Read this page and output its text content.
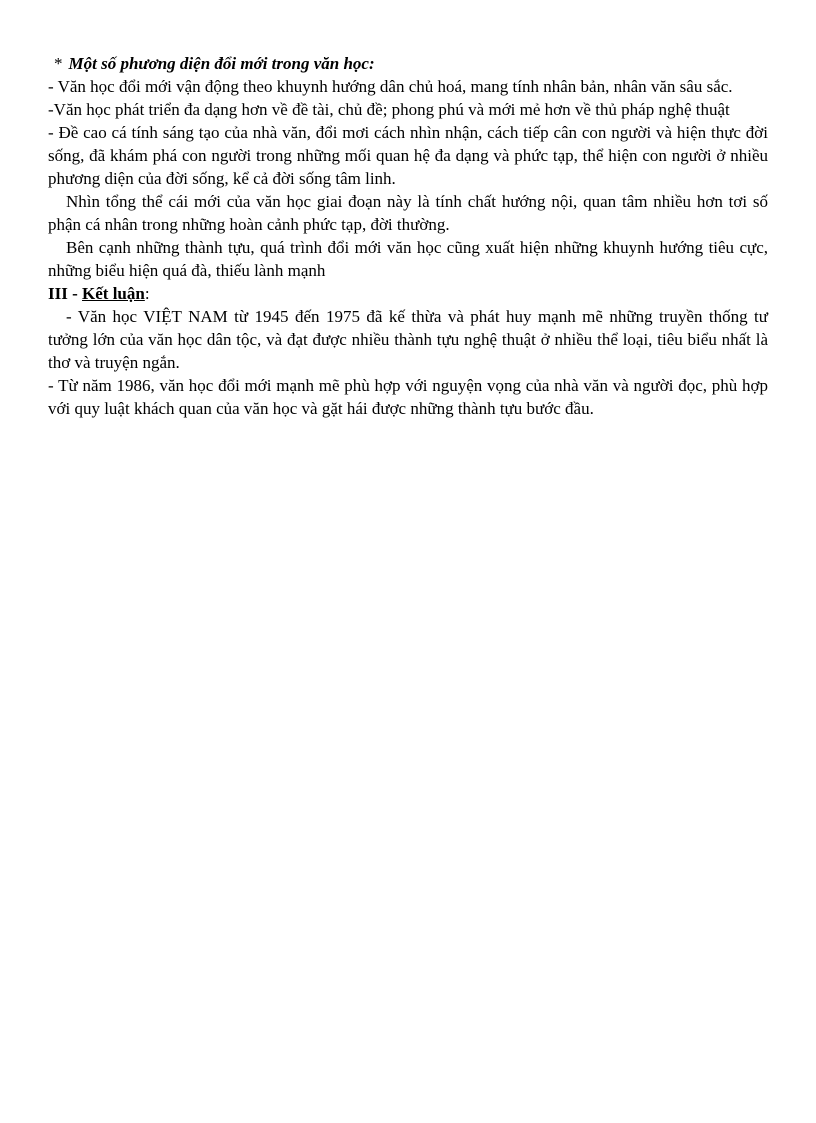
* Một số phương diện đổi mới trong văn học:

- Văn học đổi mới vận động theo khuynh hướng dân chủ hoá, mang tính nhân bản, nhân văn sâu sắc.

-Văn học phát triển đa dạng hơn về đề tài, chủ đề; phong phú và mới mẻ hơn về thủ pháp nghệ thuật

- Đề cao cá tính sáng tạo của nhà văn, đổi mơi cách nhìn nhận, cách tiếp cân con người và hiện thực đời sống, đã khám phá con người trong những mối quan hệ đa dạng và phức tạp, thể hiện con người ở nhiều phương diện của đời sống, kể cả đời sống tâm linh.

Nhìn tổng thể cái mới của văn học giai đoạn này là tính chất hướng nội, quan tâm nhiều hơn tơi số phận cá nhân trong những hoàn cảnh phức tạp, đời thường.

Bên cạnh những thành tựu, quá trình đổi mới văn học cũng xuất hiện những khuynh hướng tiêu cực, những biểu hiện quá đà, thiếu lành mạnh

III - Kết luận:

- Văn học VIỆT NAM từ 1945 đến 1975 đã kế thừa và phát huy mạnh mẽ những truyền thống tư tưởng lớn của văn học dân tộc, và đạt được nhiều thành tựu nghệ thuật ở nhiều thể loại, tiêu biểu nhất là thơ và truyện ngắn.

- Từ năm 1986, văn học đổi mới mạnh mẽ phù hợp với nguyện vọng của nhà văn và người đọc, phù hợp với quy luật khách quan của văn học và gặt hái được những thành tựu bước đầu.
